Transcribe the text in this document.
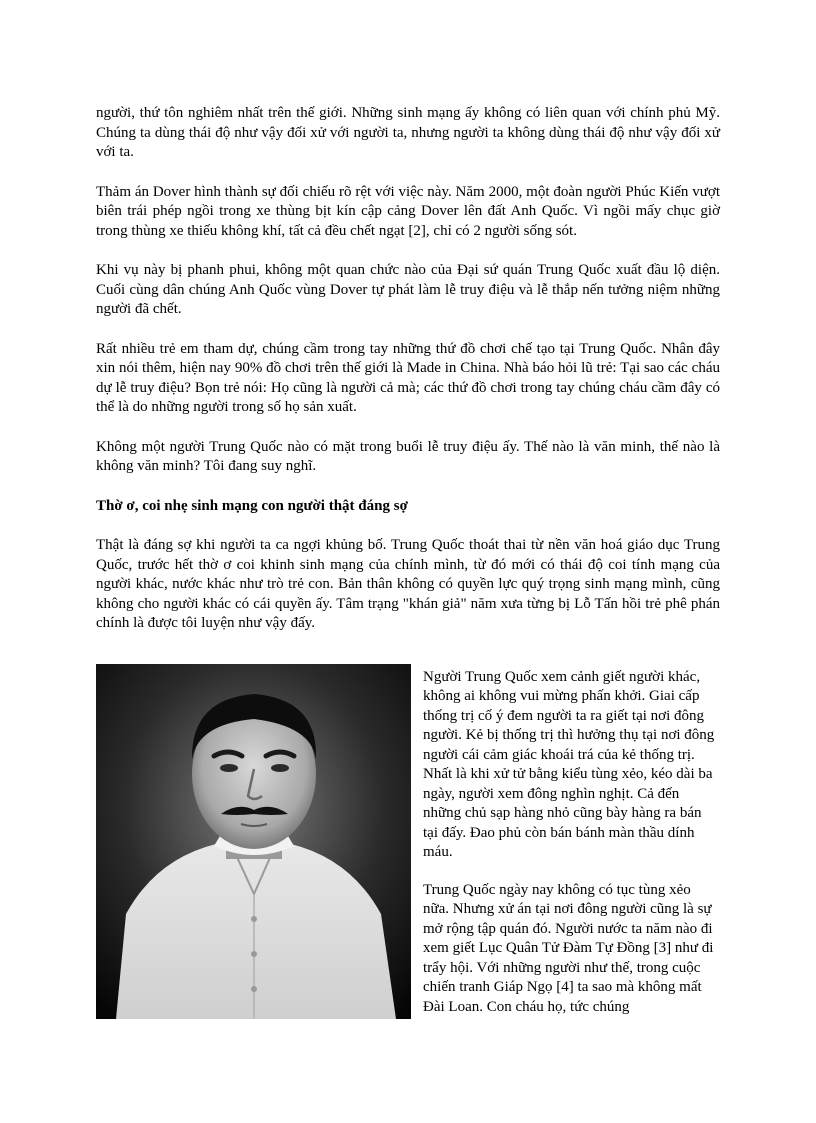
người, thứ tôn nghiêm nhất trên thế giới. Những sinh mạng ấy không có liên quan với chính phủ Mỹ. Chúng ta dùng thái độ như vậy đối xử với người ta, nhưng người ta không dùng thái độ như vậy đối xử với ta.

Thảm án Dover hình thành sự đối chiếu rõ rệt với việc này. Năm 2000, một đoàn người Phúc Kiến vượt biên trái phép ngồi trong xe thùng bịt kín cập cảng Dover lên đất Anh Quốc. Vì ngồi mấy chục giờ trong thùng xe thiếu không khí, tất cả đều chết ngạt [2], chỉ có 2 người sống sót.

Khi vụ này bị phanh phui, không một quan chức nào của Đại sứ quán Trung Quốc xuất đầu lộ diện. Cuối cùng dân chúng Anh Quốc vùng Dover tự phát làm lễ truy điệu và lễ thắp nến tưởng niệm những người đã chết.

Rất nhiều trẻ em tham dự, chúng cầm trong tay những thứ đồ chơi chế tạo tại Trung Quốc. Nhân đây xin nói thêm, hiện nay 90% đồ chơi trên thế giới là Made in China. Nhà báo hỏi lũ trẻ: Tại sao các cháu dự lễ truy điệu? Bọn trẻ nói: Họ cũng là người cả mà; các thứ đồ chơi trong tay chúng cháu cầm đây có thể là do những người trong số họ sản xuất.

Không một người Trung Quốc nào có mặt trong buổi lễ truy điệu ấy. Thế nào là văn minh, thế nào là không văn minh? Tôi đang suy nghĩ.

Thờ ơ, coi nhẹ sinh mạng con người thật đáng sợ

Thật là đáng sợ khi người ta ca ngợi khủng bố. Trung Quốc thoát thai từ nền văn hoá giáo dục Trung Quốc, trước hết thờ ơ coi khinh sinh mạng của chính mình, từ đó mới có thái độ coi tính mạng của người khác, nước khác như trò trẻ con. Bản thân không có quyền lực quý trọng sinh mạng mình, cũng không cho người khác có cái quyền ấy. Tâm trạng "khán giả" năm xưa từng bị Lỗ Tấn hồi trẻ phê phán chính là được tôi luyện như vậy đấy.

Người Trung Quốc xem cảnh giết người khác, không ai không vui mừng phấn khởi. Giai cấp thống trị cố ý đem người ta ra giết tại nơi đông người. Kẻ bị thống trị thì hưởng thụ tại nơi đông người cái cảm giác khoái trá của kẻ thống trị. Nhất là khi xử tử bằng kiểu tùng xẻo, kéo dài ba ngày, người xem đông nghìn nghịt. Cả đến những chủ sạp hàng nhỏ cũng bày hàng ra bán tại đấy. Đao phủ còn bán bánh màn thầu dính máu.

Trung Quốc ngày nay không có tục tùng xẻo nữa. Nhưng xử án tại nơi đông người cũng là sự mở rộng tập quán đó. Người nước ta năm nào đi xem giết Lục Quân Tử Đàm Tự Đồng [3] như đi trẩy hội. Với những người như thế, trong cuộc chiến tranh Giáp Ngọ [4] ta sao mà không mất Đài Loan. Con cháu họ, tức chúng
